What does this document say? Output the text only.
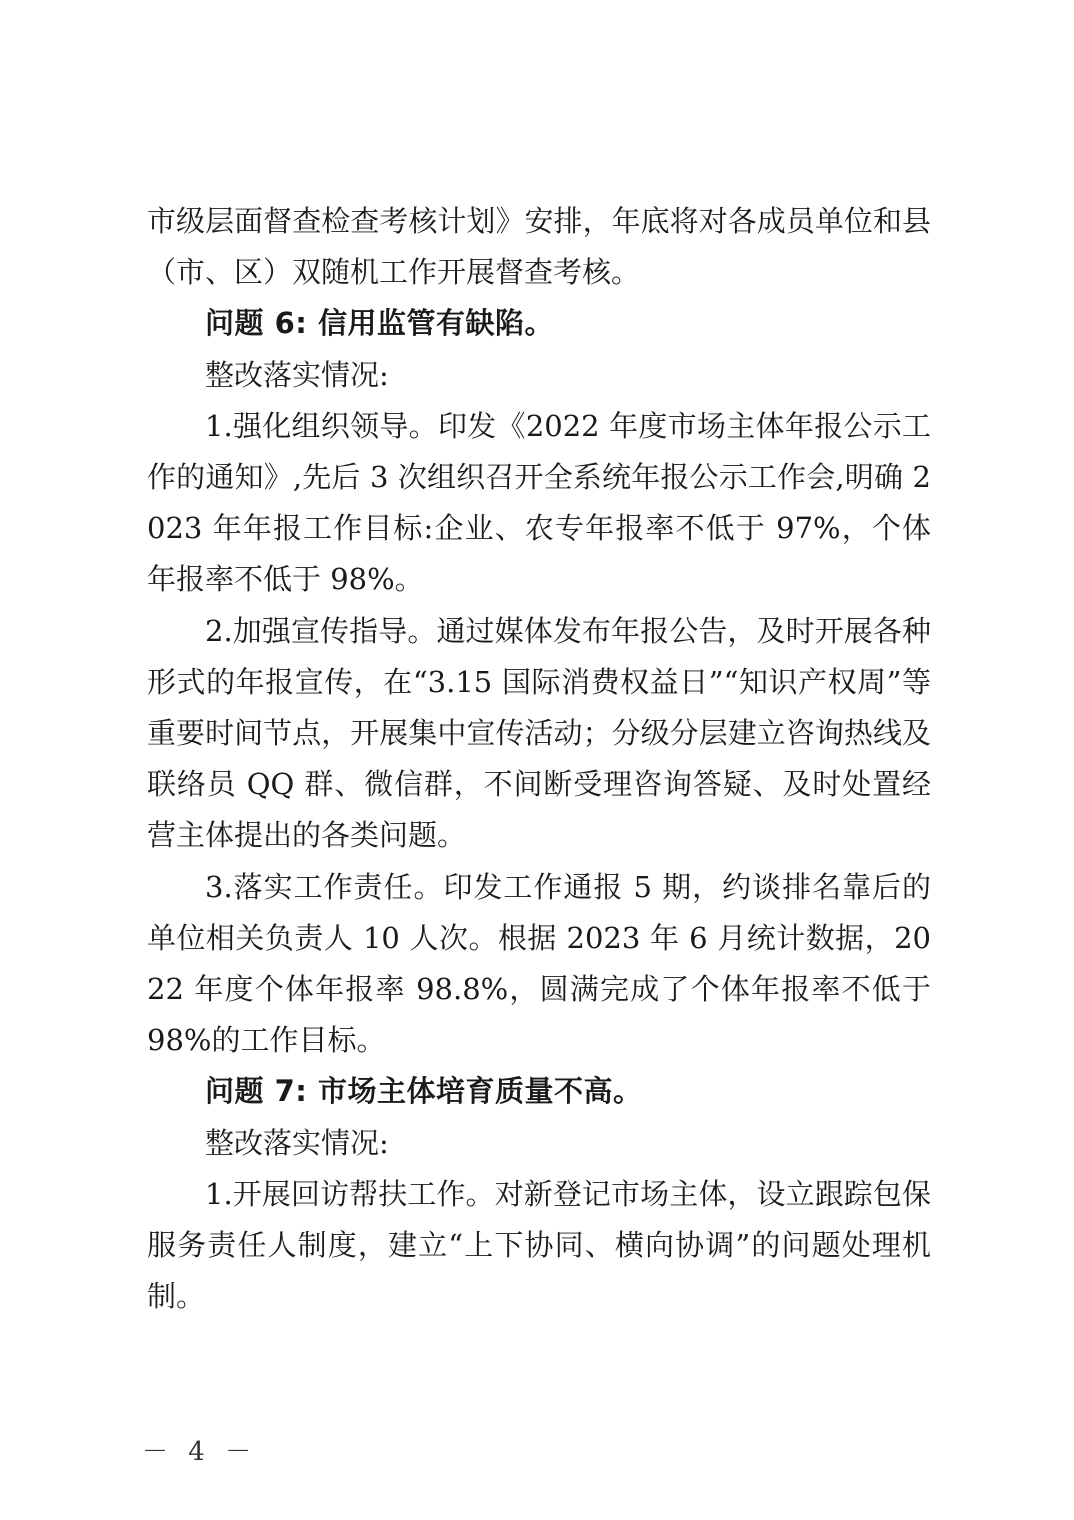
市级层面督查检查考核计划》安排，年底将对各成员单位和县（市、区）双随机工作开展督查考核。

问题 6: 信用监管有缺陷。

整改落实情况:

1.强化组织领导。印发《2022 年度市场主体年报公示工作的通知》,先后 3 次组织召开全系统年报公示工作会,明确 2023 年年报工作目标:企业、农专年报率不低于 97%，个体年报率不低于 98%。

2.加强宣传指导。通过媒体发布年报公告，及时开展各种形式的年报宣传，在“3.15 国际消费权益日”“知识产权周”等重要时间节点，开展集中宣传活动；分级分层建立咨询热线及联络员 QQ 群、微信群，不间断受理咨询答疑、及时处置经营主体提出的各类问题。

3.落实工作责任。印发工作通报 5 期，约谈排名靠后的单位相关负责人 10 人次。根据 2023 年 6 月统计数据，2022 年度个体年报率 98.8%，圆满完成了个体年报率不低于 98%的工作目标。

问题 7: 市场主体培育质量不高。

整改落实情况:

1.开展回访帮扶工作。对新登记市场主体，设立跟踪包保服务责任人制度，建立“上下协同、横向协调”的问题处理机制。

－ 4 －
